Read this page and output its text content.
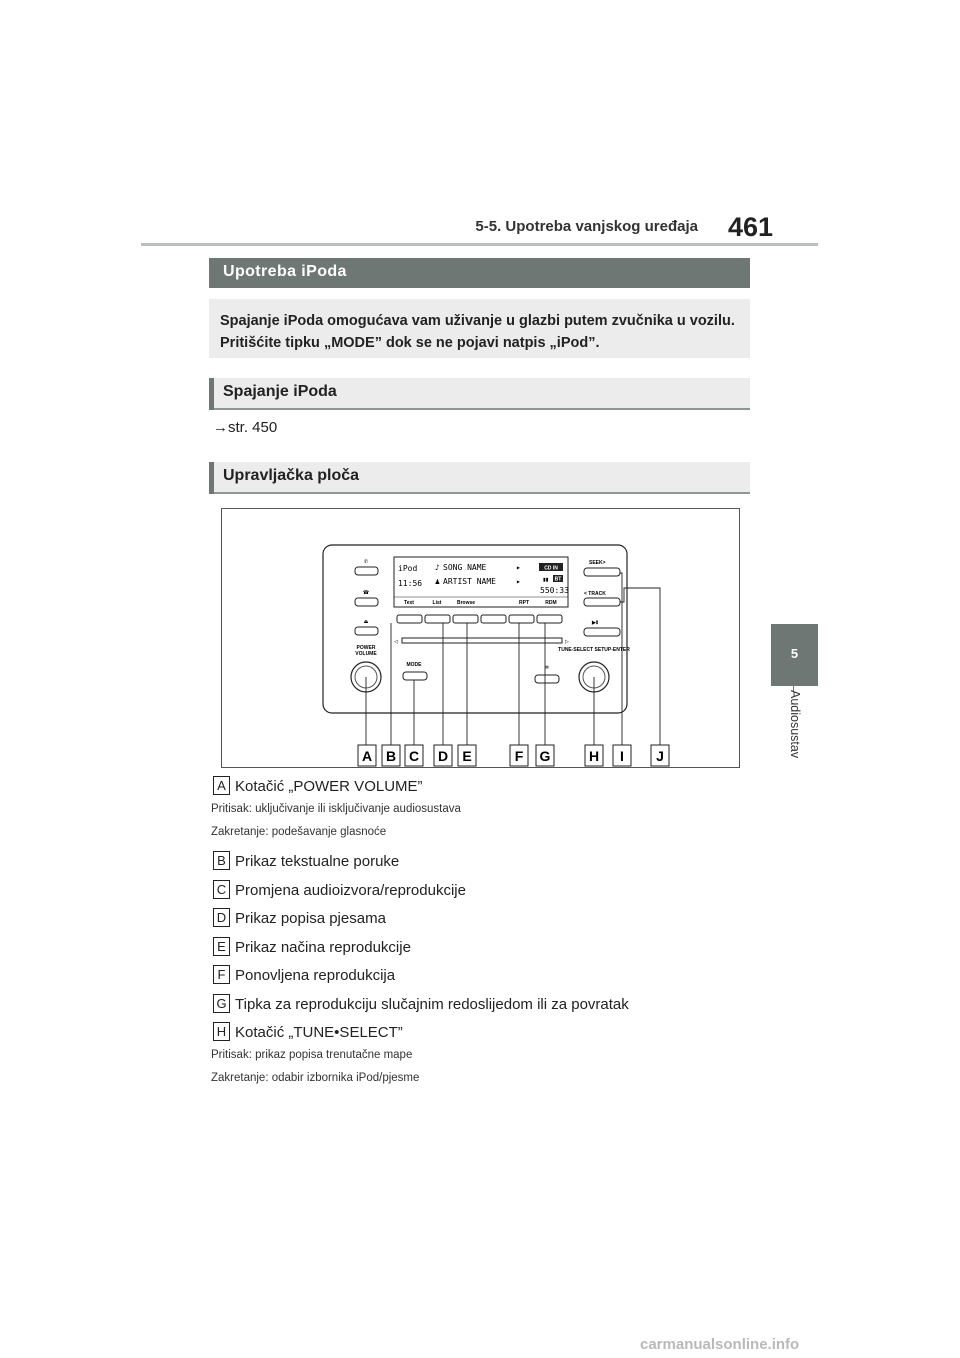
5-5. Upotreba vanjskog uređaja 461
5
Audiosustav
Upotreba iPoda

Spajanje iPoda omogućava vam uživanje u glazbi putem zvučnika u vozilu. Pritišćite tipku „MODE” dok se ne pojavi natpis „iPod”.

Spajanje iPoda
→str. 450
Upravljačka ploča
✆
☎
⏏
POWER
VOLUME
iPod
11:56
♪ SONG NAME
♟ ARTIST NAME
▸
▸
CD IN
▮▮ BT
550:33
Text	List	Browse	RPT	RDM
◁	▷
MODE	✲
SEEK>
< TRACK
▶Ⅱ
TUNE-SELECT SETUP-ENTER
A B C D E	F G	H I J
A Kotačić „POWER VOLUME”
Pritisak: uključivanje ili isključivanje audiosustava
Zakretanje: podešavanje glasnoće
B Prikaz tekstualne poruke
C Promjena audioizvora/reprodukcije
D Prikaz popisa pjesama
E Prikaz načina reprodukcije
F Ponovljena reprodukcija
G Tipka za reprodukciju slučajnim redoslijedom ili za povratak
H Kotačić „TUNE•SELECT”
Pritisak: prikaz popisa trenutačne mape
Zakretanje: odabir izbornika iPod/pjesme
carmanualsonline.info
